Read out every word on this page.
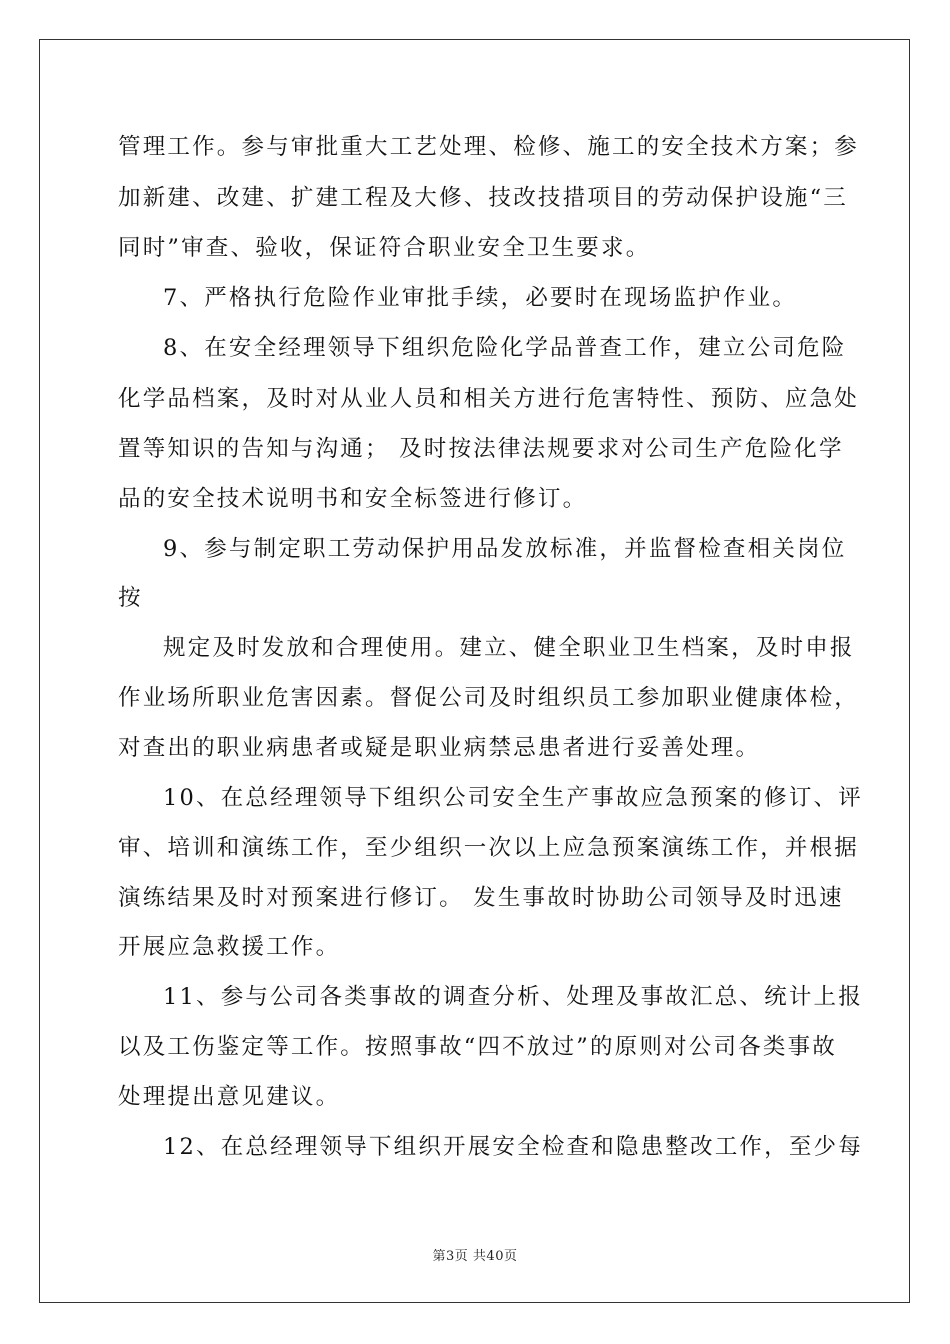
管理工作。参与审批重大工艺处理、检修、施工的安全技术方案；参
加新建、改建、扩建工程及大修、技改技措项目的劳动保护设施“三
同时”审查、验收，保证符合职业安全卫生要求。
7、严格执行危险作业审批手续，必要时在现场监护作业。
8、在安全经理领导下组织危险化学品普查工作，建立公司危险
化学品档案，及时对从业人员和相关方进行危害特性、预防、应急处
置等知识的告知与沟通； 及时按法律法规要求对公司生产危险化学
品的安全技术说明书和安全标签进行修订。
9、参与制定职工劳动保护用品发放标准，并监督检查相关岗位
按
规定及时发放和合理使用。建立、健全职业卫生档案，及时申报
作业场所职业危害因素。督促公司及时组织员工参加职业健康体检，
对查出的职业病患者或疑是职业病禁忌患者进行妥善处理。
10、在总经理领导下组织公司安全生产事故应急预案的修订、评
审、培训和演练工作，至少组织一次以上应急预案演练工作，并根据
演练结果及时对预案进行修订。 发生事故时协助公司领导及时迅速
开展应急救援工作。
11、参与公司各类事故的调查分析、处理及事故汇总、统计上报
以及工伤鉴定等工作。按照事故“四不放过”的原则对公司各类事故
处理提出意见建议。
12、在总经理领导下组织开展安全检查和隐患整改工作，至少每
第3页 共40页
